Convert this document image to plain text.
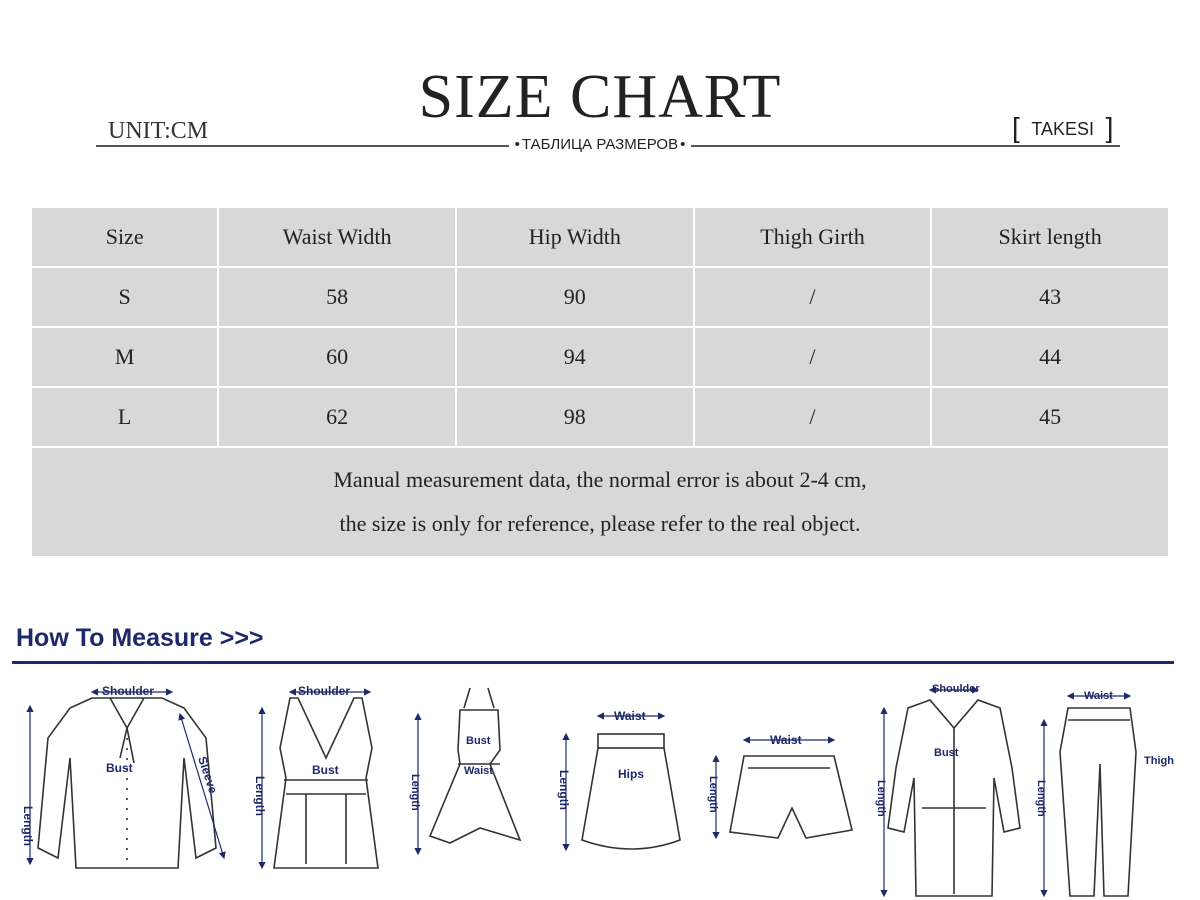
SIZE CHART
UNIT:CM	[ TAKESI ]
• ТАБЛИЦА РАЗМЕРОВ •
Size	Waist Width	Hip Width	Thigh Girth	Skirt length
S	58	90	/	43
M	60	94	/	44
L	62	98	/	45

Manual measurement data, the normal error is about 2-4 cm,
the size is only for reference, please refer to the real object.				
How To Measure >>>
Shoulder
Bust
Length
Sleeve
Shoulder
Bust
Length
Bust
Waist
Length
Waist
Hips
Length
Waist
Length
Shoulder
Bust
Length
Waist
Thigh
Length
